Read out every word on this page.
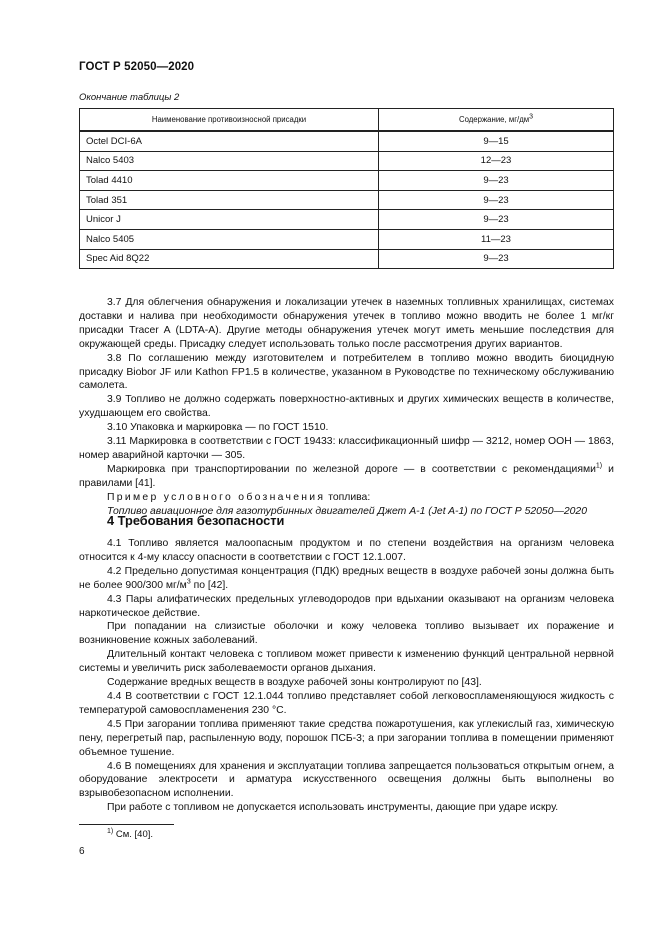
ГОСТ Р 52050—2020
Окончание таблицы 2
Наименование противоизносной присадки	Содержание, $мг/дм^3$
Octel DCI-6A	9—15
Nalco 5403	12—23
Tolad 4410	9—23
Tolad 351	9—23
Unicor J	9—23
Nalco 5405	11—23
Spec Aid 8Q22	9—23

3.7 Для облегчения обнаружения и локализации утечек в наземных топливных хранилищах, системах доставки и налива при необходимости обнаружения утечек в топливо можно вводить не более 1 мг/кг присадки Tracer A (LDTA-A). Другие методы обнаружения утечек могут иметь меньшие последствия для окружающей среды. Присадку следует использовать только после рассмотрения других вариантов.

3.8 По соглашению между изготовителем и потребителем в топливо можно вводить биоцидную присадку Biobor JF или Kathon FP1.5 в количестве, указанном в Руководстве по техническому обслуживанию самолета.

3.9 Топливо не должно содержать поверхностно-активных и других химических веществ в количестве, ухудшающем его свойства.

3.10 Упаковка и маркировка — по ГОСТ 1510.

3.11 Маркировка в соответствии с ГОСТ 19433: классификационный шифр — 3212, номер ООН — 1863, номер аварийной карточки — 305.

Маркировка при транспортировании по железной дороге — в соответствии с рекомендациями$^{1)}$ и правилами [41].

Пример условного обозначения топлива:

Топливо авиационное для газотурбинных двигателей Джет А-1 (Jet A-1) по ГОСТ Р 52050—2020

4 Требования безопасности

4.1 Топливо является малоопасным продуктом и по степени воздействия на организм человека относится к 4-му классу опасности в соответствии с ГОСТ 12.1.007.

4.2 Предельно допустимая концентрация (ПДК) вредных веществ в воздухе рабочей зоны должна быть не более 900/300 $мг/м^3$ по [42].

4.3 Пары алифатических предельных углеводородов при вдыхании оказывают на организм человека наркотическое действие.

При попадании на слизистые оболочки и кожу человека топливо вызывает их поражение и возникновение кожных заболеваний.

Длительный контакт человека с топливом может привести к изменению функций центральной нервной системы и увеличить риск заболеваемости органов дыхания.

Содержание вредных веществ в воздухе рабочей зоны контролируют по [43].

4.4 В соответствии с ГОСТ 12.1.044 топливо представляет собой легковоспламеняющуюся жидкость с температурой самовоспламенения 230 °С.

4.5 При загорании топлива применяют такие средства пожаротушения, как углекислый газ, химическую пену, перегретый пар, распыленную воду, порошок ПСБ-3; а при загорании топлива в помещении применяют объемное тушение.

4.6 В помещениях для хранения и эксплуатации топлива запрещается пользоваться открытым огнем, а оборудование электросети и арматура искусственного освещения должны быть выполнены во взрывобезопасном исполнении.

При работе с топливом не допускается использовать инструменты, дающие при ударе искру.

$^{1)}$ См. [40].
6
